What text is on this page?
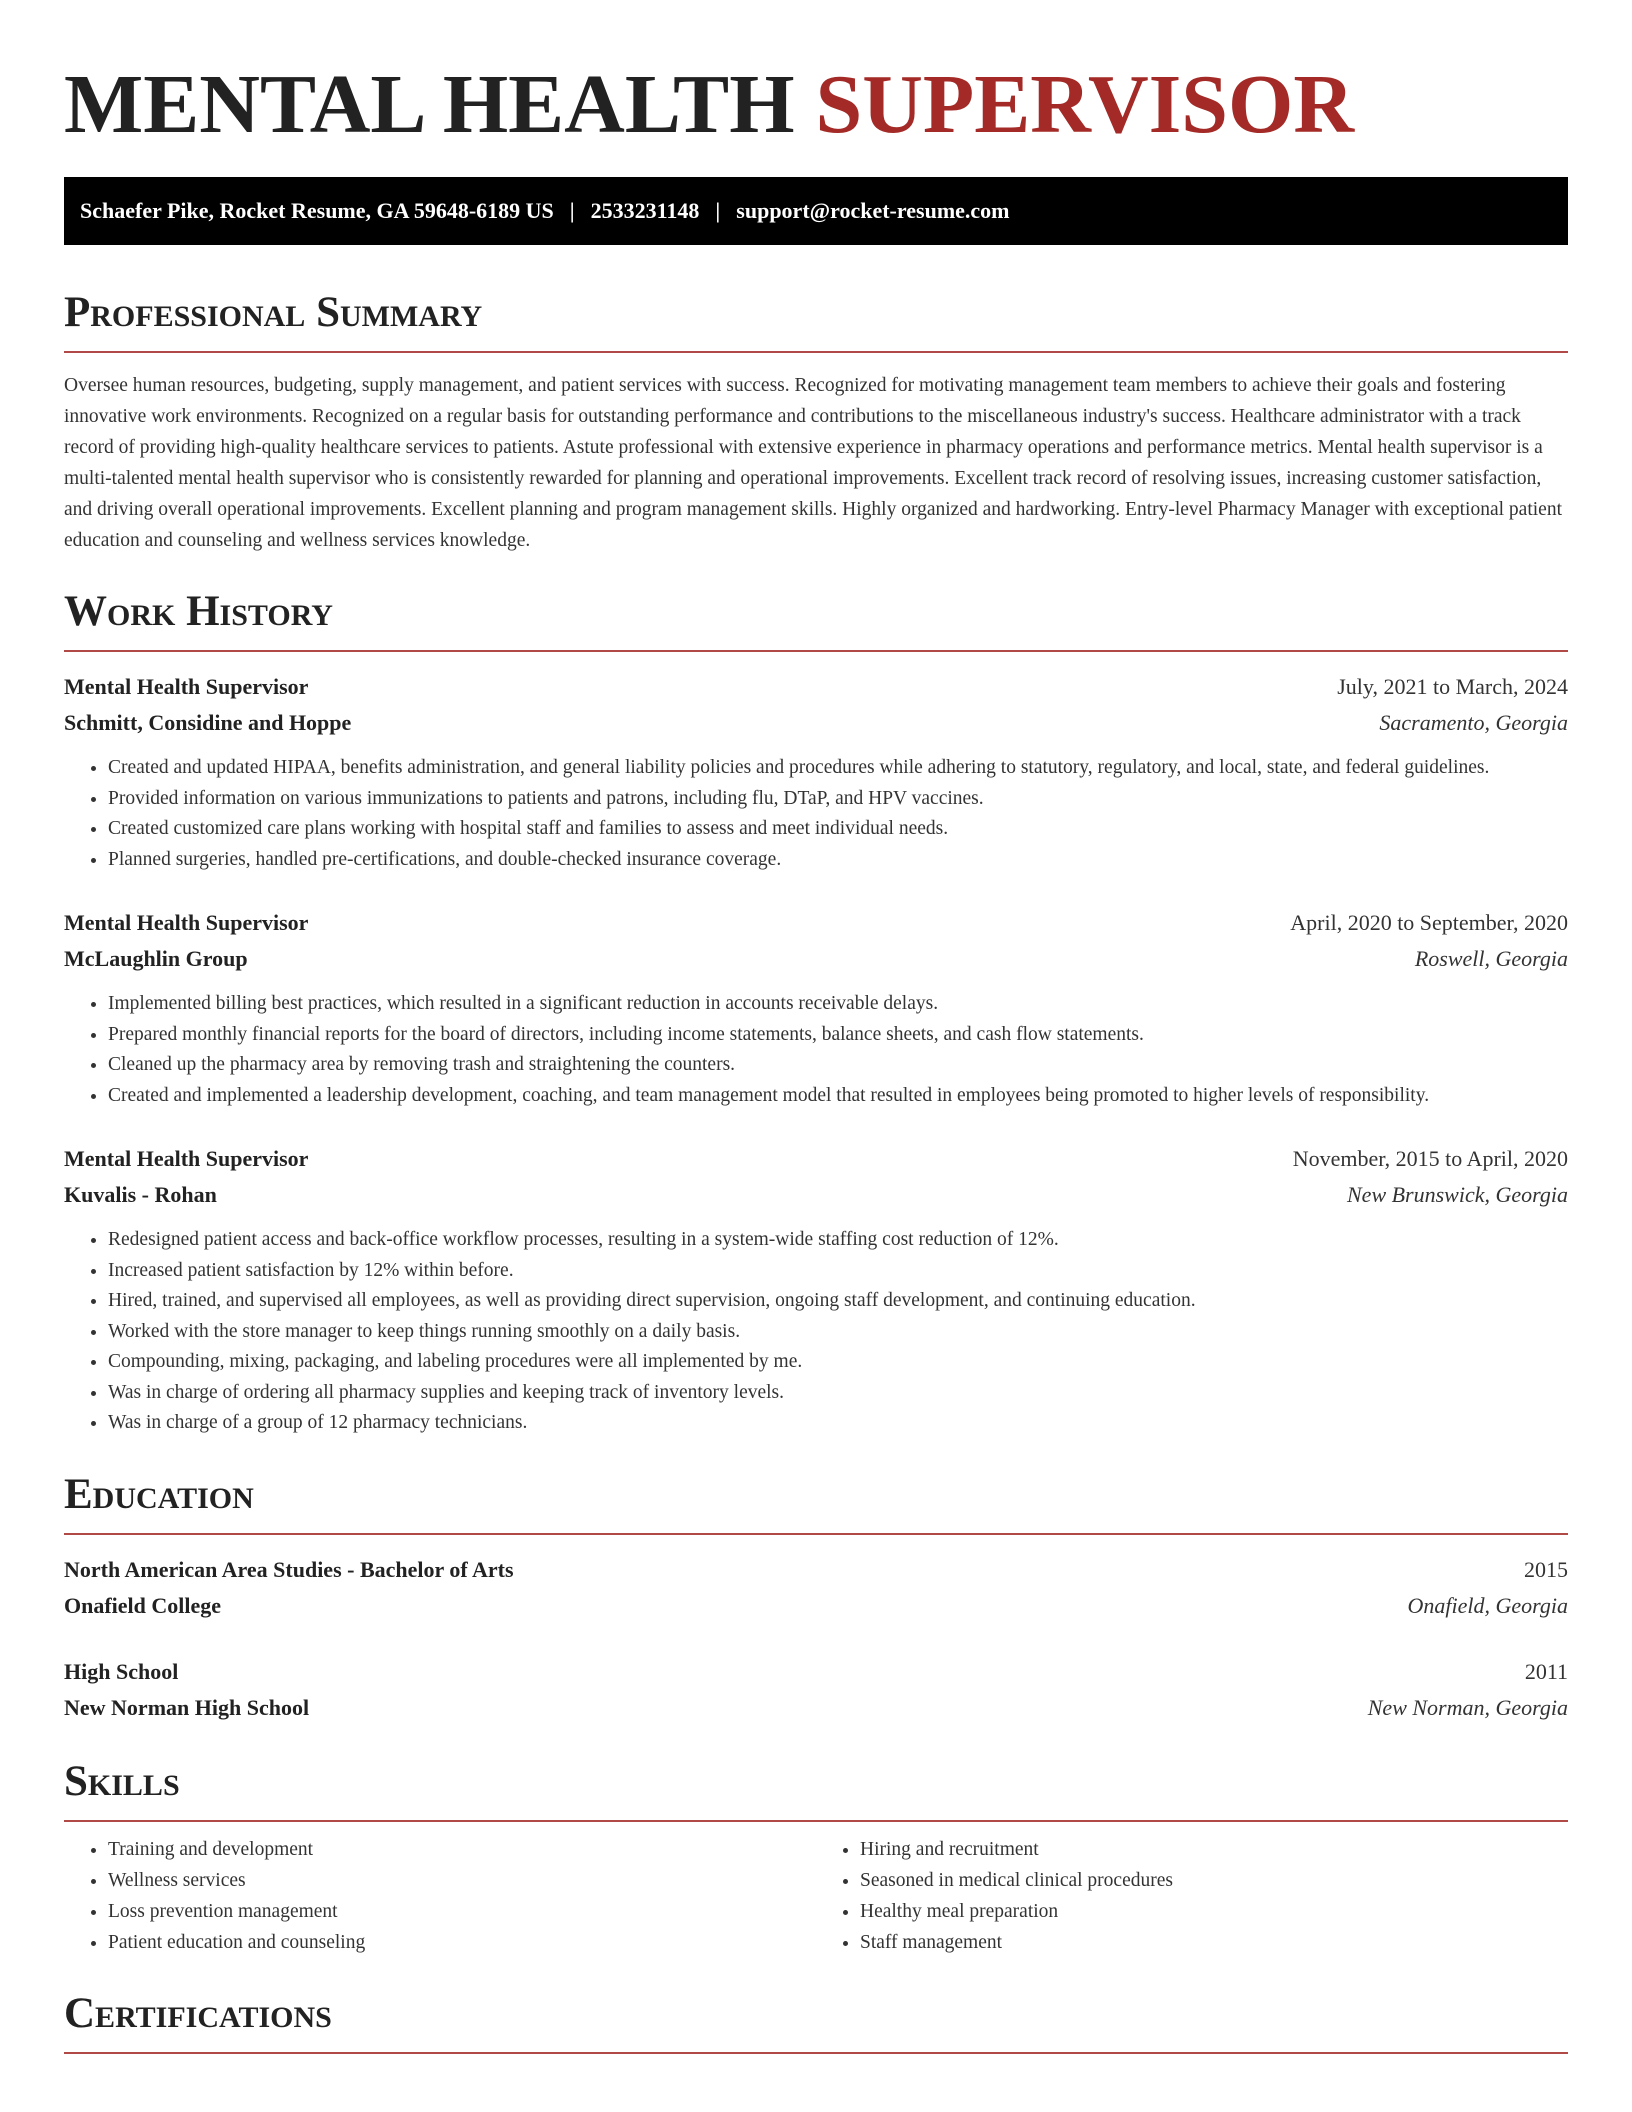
MENTAL HEALTH SUPERVISOR
Schaefer Pike, Rocket Resume, GA 59648-6189 US | 2533231148 | support@rocket-resume.com
Professional Summary

Oversee human resources, budgeting, supply management, and patient services with success. Recognized for motivating management team members to achieve their goals and fostering innovative work environments. Recognized on a regular basis for outstanding performance and contributions to the miscellaneous industry's success. Healthcare administrator with a track record of providing high-quality healthcare services to patients. Astute professional with extensive experience in pharmacy operations and performance metrics. Mental health supervisor is a multi-talented mental health supervisor who is consistently rewarded for planning and operational improvements. Excellent track record of resolving issues, increasing customer satisfaction, and driving overall operational improvements. Excellent planning and program management skills. Highly organized and hardworking. Entry-level Pharmacy Manager with exceptional patient education and counseling and wellness services knowledge.

Work History
Mental Health Supervisor	July, 2021 to March, 2024
Schmitt, Considine and Hoppe	Sacramento, Georgia
• Created and updated HIPAA, benefits administration, and general liability policies and procedures while adhering to statutory, regulatory, and local, state, and federal guidelines.
• Provided information on various immunizations to patients and patrons, including flu, DTaP, and HPV vaccines.
• Created customized care plans working with hospital staff and families to assess and meet individual needs.
• Planned surgeries, handled pre-certifications, and double-checked insurance coverage.
Mental Health Supervisor	April, 2020 to September, 2020
McLaughlin Group	Roswell, Georgia
• Implemented billing best practices, which resulted in a significant reduction in accounts receivable delays.
• Prepared monthly financial reports for the board of directors, including income statements, balance sheets, and cash flow statements.
• Cleaned up the pharmacy area by removing trash and straightening the counters.
• Created and implemented a leadership development, coaching, and team management model that resulted in employees being promoted to higher levels of responsibility.
Mental Health Supervisor	November, 2015 to April, 2020
Kuvalis - Rohan	New Brunswick, Georgia
• Redesigned patient access and back-office workflow processes, resulting in a system-wide staffing cost reduction of 12%.
• Increased patient satisfaction by 12% within before.
• Hired, trained, and supervised all employees, as well as providing direct supervision, ongoing staff development, and continuing education.
• Worked with the store manager to keep things running smoothly on a daily basis.
• Compounding, mixing, packaging, and labeling procedures were all implemented by me.
• Was in charge of ordering all pharmacy supplies and keeping track of inventory levels.
• Was in charge of a group of 12 pharmacy technicians.
Education
North American Area Studies - Bachelor of Arts	2015
Onafield College	Onafield, Georgia
High School	2011
New Norman High School	New Norman, Georgia
Skills
• Training and development
• Wellness services
• Loss prevention management
• Patient education and counseling
• Hiring and recruitment
• Seasoned in medical clinical procedures
• Healthy meal preparation
• Staff management
Certifications
